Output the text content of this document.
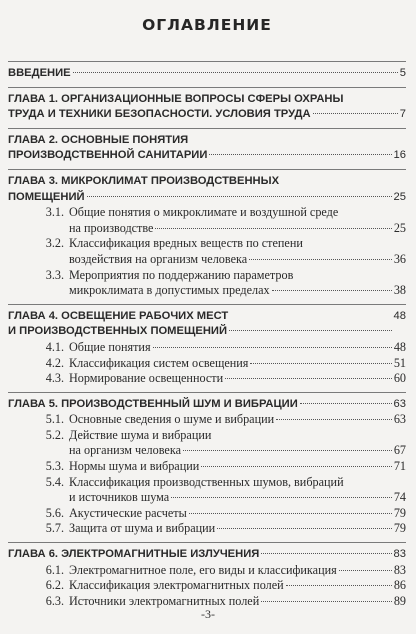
ОГЛАВЛЕНИЕ
ВВЕДЕНИЕ	5
ГЛАВА 1. ОРГАНИЗАЦИОННЫЕ ВОПРОСЫ СФЕРЫ ОХРАНЫ
ТРУДА И ТЕХНИКИ БЕЗОПАСНОСТИ. УСЛОВИЯ ТРУДА	7
ГЛАВА 2. ОСНОВНЫЕ ПОНЯТИЯ
ПРОИЗВОДСТВЕННОЙ САНИТАРИИ	16
ГЛАВА 3. МИКРОКЛИМАТ ПРОИЗВОДСТВЕННЫХ
ПОМЕЩЕНИЙ	25
3.1. Общие понятия о микроклимате и воздушной среде
на производстве	25
3.2. Классификация вредных веществ по степени
воздействия на организм человека	36
3.3. Мероприятия по поддержанию параметров
микроклимата в допустимых пределах	38
ГЛАВА 4. ОСВЕЩЕНИЕ РАБОЧИХ МЕСТ	48
И ПРОИЗВОДСТВЕННЫХ ПОМЕЩЕНИЙ
4.1. Общие понятия	48
4.2. Классификация систем освещения	51
4.3. Нормирование освещенности	60
ГЛАВА 5. ПРОИЗВОДСТВЕННЫЙ ШУМ И ВИБРАЦИИ	63
5.1. Основные сведения о шуме и вибрации	63
5.2. Действие шума и вибрации
на организм человека	67
5.3. Нормы шума и вибрации	71
5.4. Классификация производственных шумов, вибраций
и источников шума	74
5.6. Акустические расчеты	79
5.7. Защита от шума и вибрации	79
ГЛАВА 6. ЭЛЕКТРОМАГНИТНЫЕ ИЗЛУЧЕНИЯ	83
6.1. Электромагнитное поле, его виды и классификация	83
6.2. Классификация электромагнитных полей	86
6.3. Источники электромагнитных полей	89
-3-
